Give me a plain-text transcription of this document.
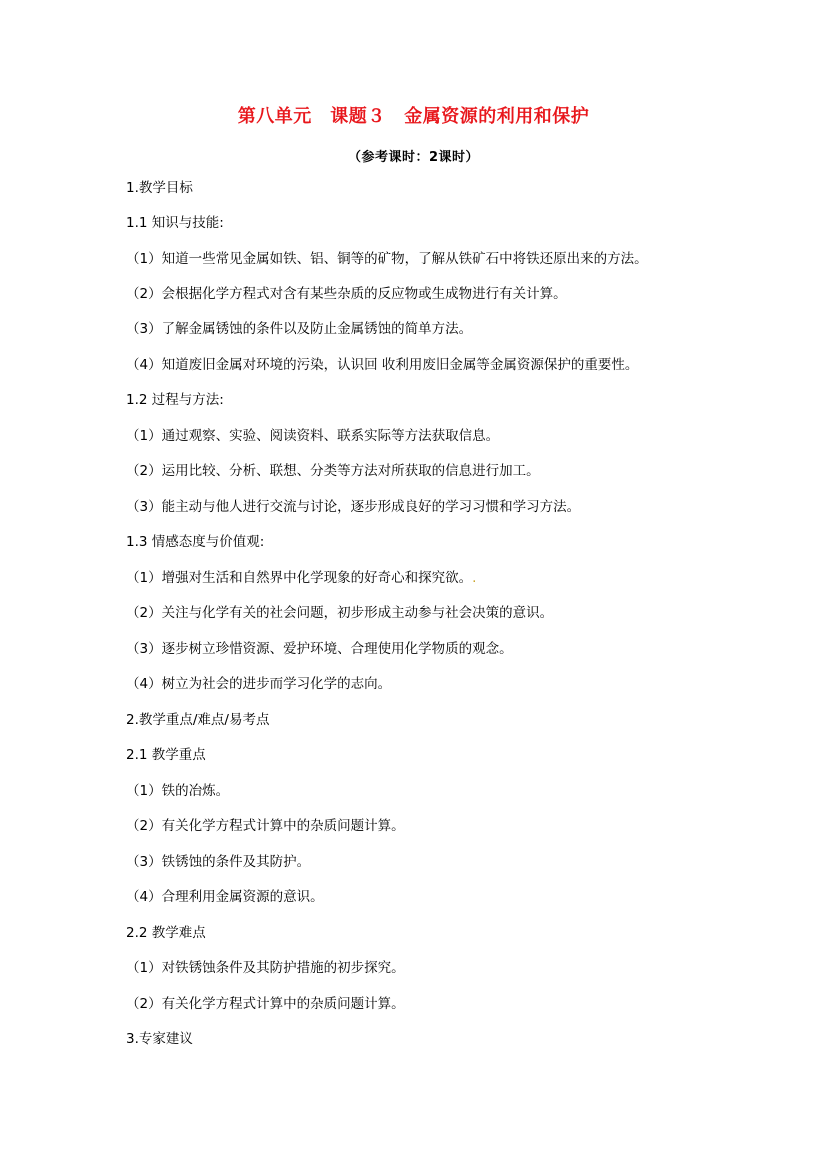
第八单元　课题３　金属资源的利用和保护
（参考课时：2课时）
1.教学目标
1.1 知识与技能:
（1）知道一些常见金属如铁、铝、铜等的矿物，了解从铁矿石中将铁还原出来的方法。
（2）会根据化学方程式对含有某些杂质的反应物或生成物进行有关计算。
（3）了解金属锈蚀的条件以及防止金属锈蚀的简单方法。
（4）知道废旧金属对环境的污染，认识回 收利用废旧金属等金属资源保护的重要性。
1.2 过程与方法:
（1）通过观察、实验、阅读资料、联系实际等方法获取信息。
（2）运用比较、分析、联想、分类等方法对所获取的信息进行加工。
（3）能主动与他人进行交流与讨论，逐步形成良好的学习习惯和学习方法。
1.3 情感态度与价值观:
（1）增强对生活和自然界中化学现象的好奇心和探究欲。.
（2）关注与化学有关的社会问题，初步形成主动参与社会决策的意识。
（3）逐步树立珍惜资源、爱护环境、合理使用化学物质的观念。
（4）树立为社会的进步而学习化学的志向。
2.教学重点/难点/易考点
2.1 教学重点
（1）铁的冶炼。
（2）有关化学方程式计算中的杂质问题计算。
（3）铁锈蚀的条件及其防护。
（4）合理利用金属资源的意识。
2.2 教学难点
（1）对铁锈蚀条件及其防护措施的初步探究。
（2）有关化学方程式计算中的杂质问题计算。
3.专家建议
